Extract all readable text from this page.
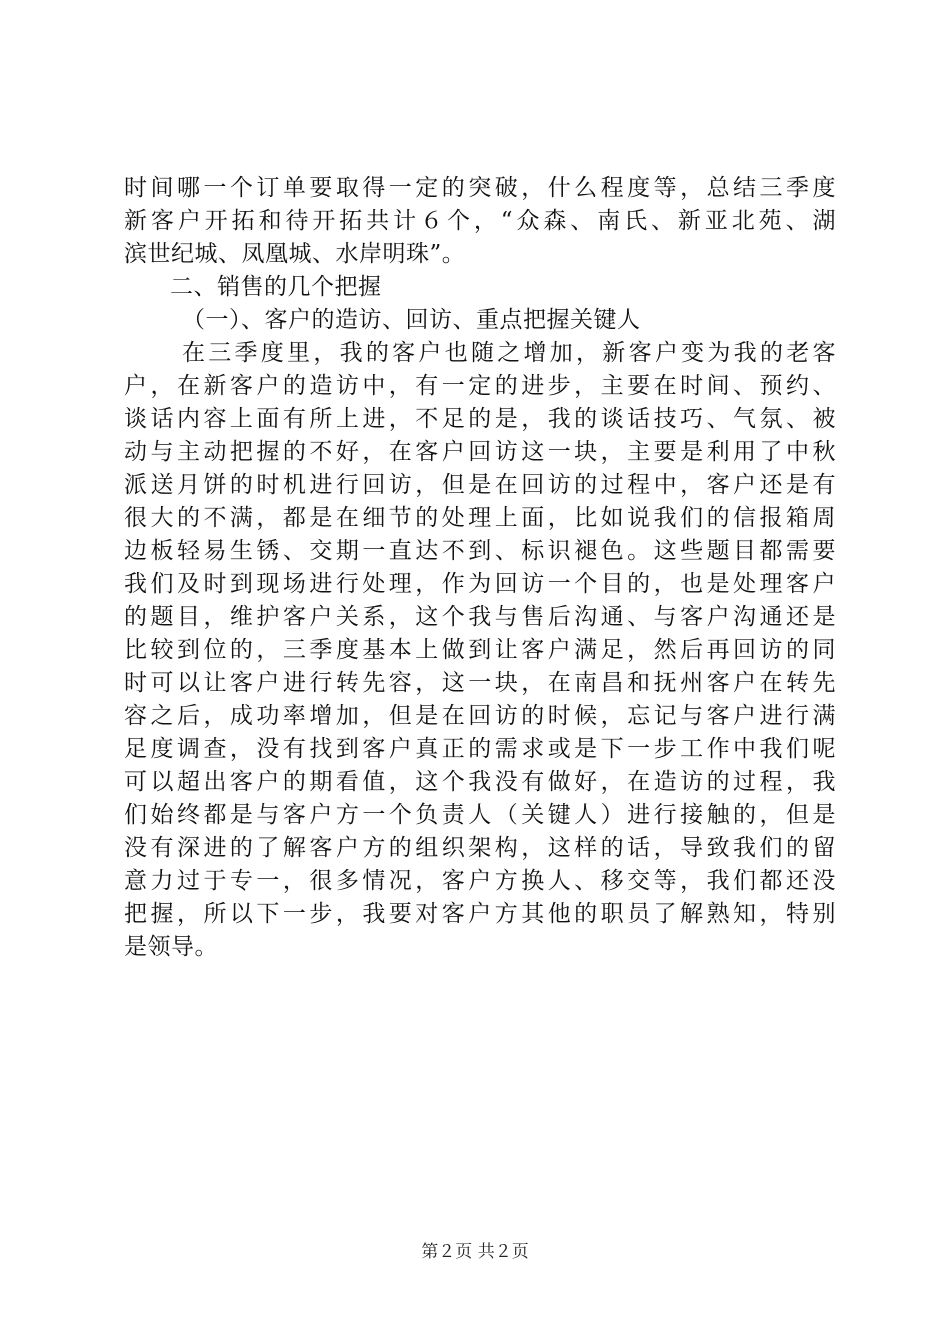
时间哪一个订单要取得一定的突破，什么程度等，总结三季度
新客户开拓和待开拓共计６个，“众森、南氏、新亚北苑、湖
滨世纪城、凤凰城、水岸明珠”。
二、销售的几个把握
（一）、客户的造访、回访、重点把握关键人
在三季度里，我的客户也随之增加，新客户变为我的老客
户，在新客户的造访中，有一定的进步，主要在时间、预约、
谈话内容上面有所上进，不足的是，我的谈话技巧、气氛、被
动与主动把握的不好，在客户回访这一块，主要是利用了中秋
派送月饼的时机进行回访，但是在回访的过程中，客户还是有
很大的不满，都是在细节的处理上面，比如说我们的信报箱周
边板轻易生锈、交期一直达不到、标识褪色。这些题目都需要
我们及时到现场进行处理，作为回访一个目的，也是处理客户
的题目，维护客户关系，这个我与售后沟通、与客户沟通还是
比较到位的，三季度基本上做到让客户满足，然后再回访的同
时可以让客户进行转先容，这一块，在南昌和抚州客户在转先
容之后，成功率增加，但是在回访的时候，忘记与客户进行满
足度调查，没有找到客户真正的需求或是下一步工作中我们呢
可以超出客户的期看值，这个我没有做好，在造访的过程，我
们始终都是与客户方一个负责人（关键人）进行接触的，但是
没有深进的了解客户方的组织架构，这样的话，导致我们的留
意力过于专一，很多情况，客户方换人、移交等，我们都还没
把握，所以下一步，我要对客户方其他的职员了解熟知，特别
是领导。
第２页 共２页
